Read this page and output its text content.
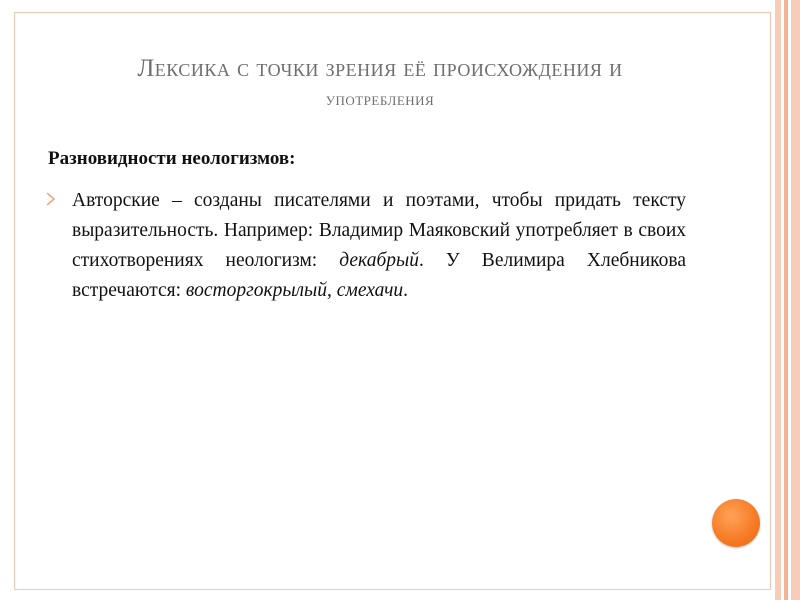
Лексика с точки зрения её происхождения и
употребления
Разновидности неологизмов:
Авторские – созданы писателями и поэтами, чтобы придать тексту выразительность. Например: Владимир Маяковский употребляет в своих стихотворениях неологизм: декабрый. У Велимира Хлебникова встречаются: восторгокрылый, смехачи.
